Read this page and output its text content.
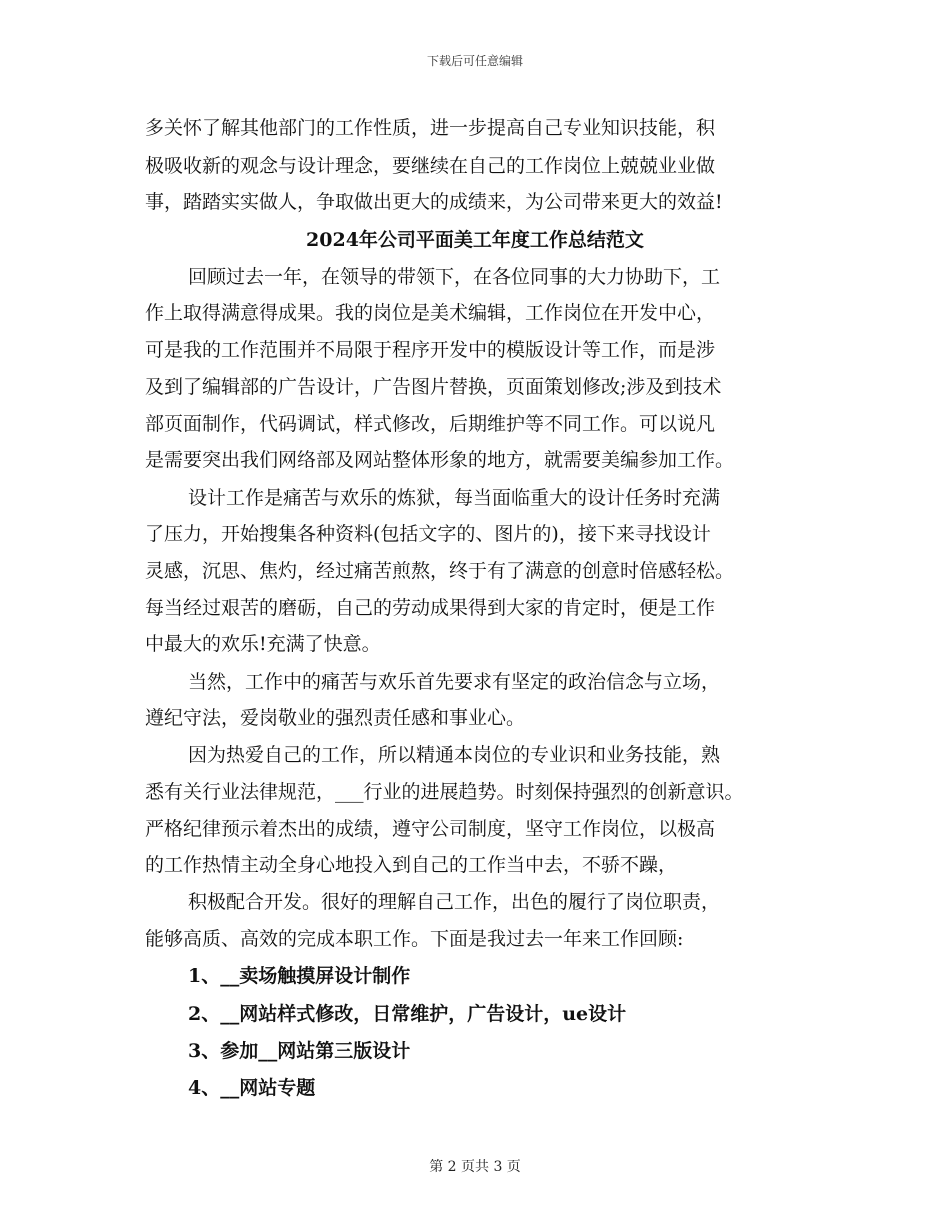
下载后可任意编辑
多关怀了解其他部门的工作性质，进一步提高自己专业知识技能，积
极吸收新的观念与设计理念，要继续在自己的工作岗位上兢兢业业做
事，踏踏实实做人，争取做出更大的成绩来，为公司带来更大的效益!
2024年公司平面美工年度工作总结范文
回顾过去一年，在领导的带领下，在各位同事的大力协助下，工
作上取得满意得成果。我的岗位是美术编辑，工作岗位在开发中心，
可是我的工作范围并不局限于程序开发中的模版设计等工作，而是涉
及到了编辑部的广告设计，广告图片替换，页面策划修改;涉及到技术
部页面制作，代码调试，样式修改，后期维护等不同工作。可以说凡
是需要突出我们网络部及网站整体形象的地方，就需要美编参加工作。
设计工作是痛苦与欢乐的炼狱，每当面临重大的设计任务时充满
了压力，开始搜集各种资料(包括文字的、图片的)，接下来寻找设计
灵感，沉思、焦灼，经过痛苦煎熬，终于有了满意的创意时倍感轻松。
每当经过艰苦的磨砺，自己的劳动成果得到大家的肯定时，便是工作
中最大的欢乐!充满了快意。
当然，工作中的痛苦与欢乐首先要求有坚定的政治信念与立场，
遵纪守法，爱岗敬业的强烈责任感和事业心。
因为热爱自己的工作，所以精通本岗位的专业识和业务技能，熟
悉有关行业法律规范，___行业的进展趋势。时刻保持强烈的创新意识。
严格纪律预示着杰出的成绩，遵守公司制度，坚守工作岗位，以极高
的工作热情主动全身心地投入到自己的工作当中去，不骄不躁，
积极配合开发。很好的理解自己工作，出色的履行了岗位职责，
能够高质、高效的完成本职工作。下面是我过去一年来工作回顾:
1、__卖场触摸屏设计制作
2、__网站样式修改，日常维护，广告设计，ue设计
3、参加__网站第三版设计
4、__网站专题
第 2 页共 3 页
